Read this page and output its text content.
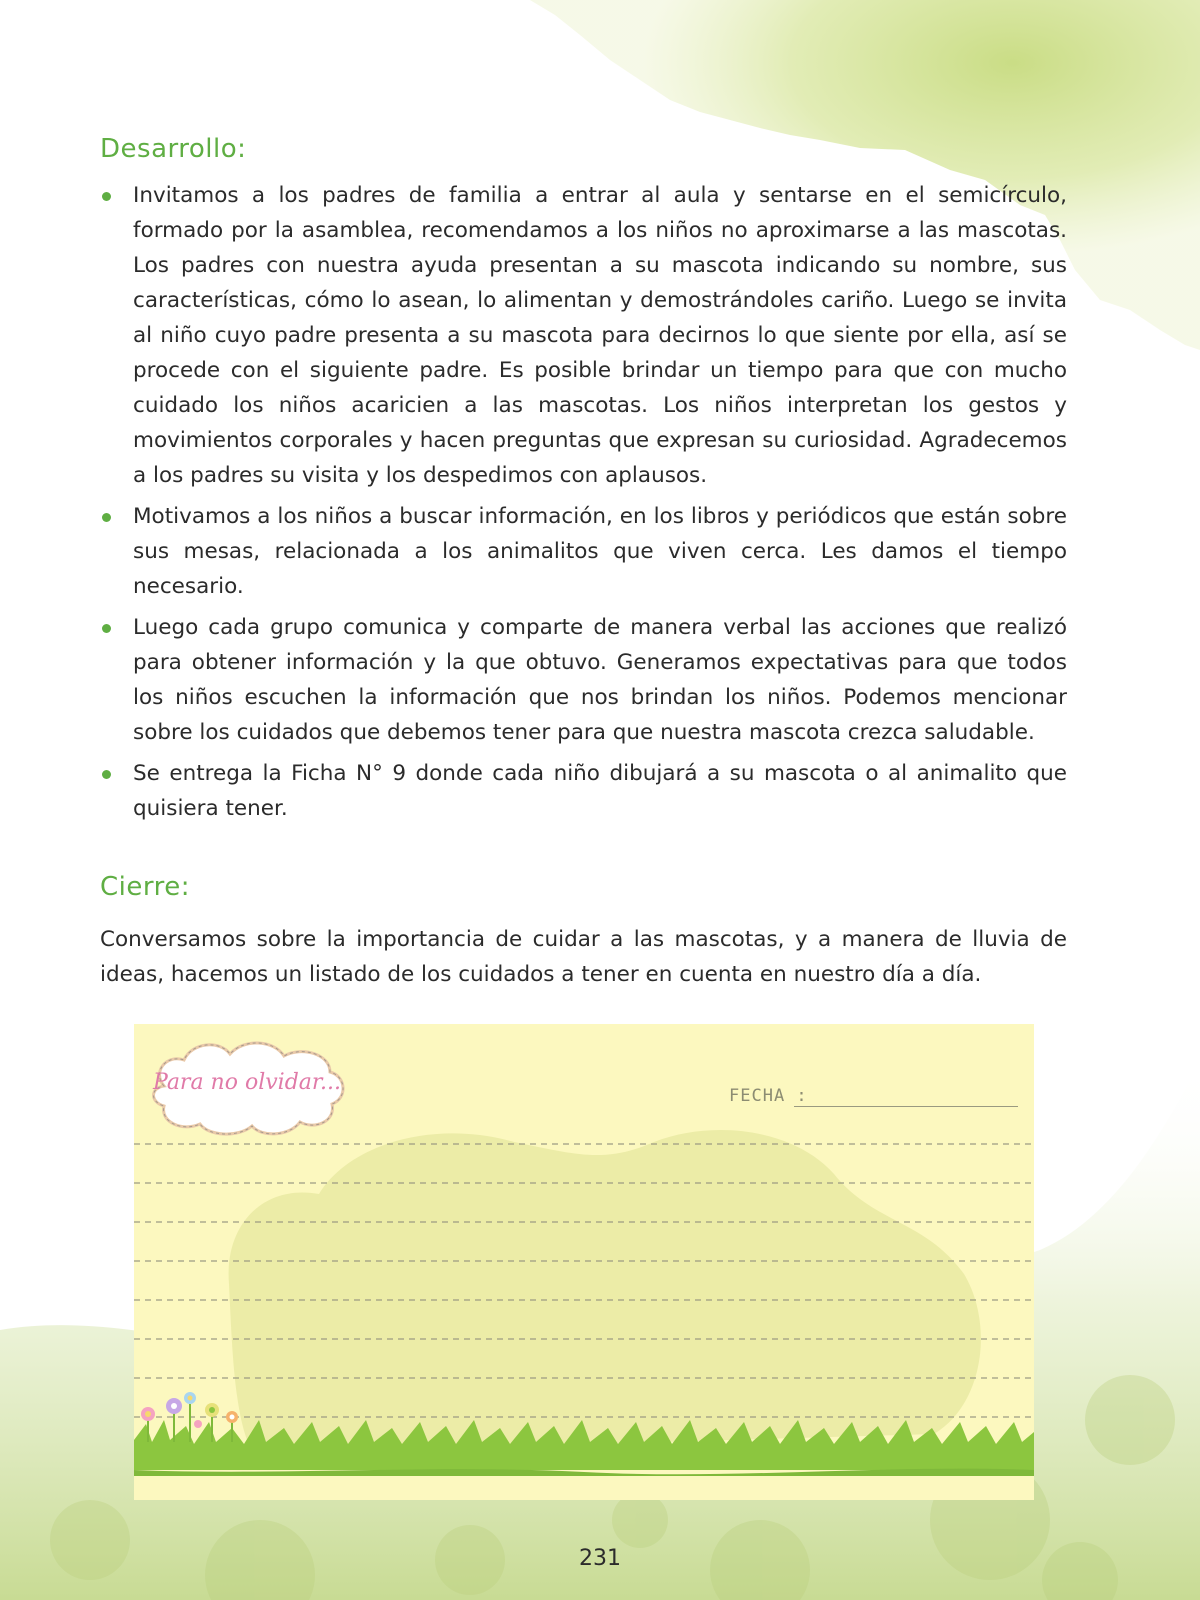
Desarrollo:
Invitamos a los padres de familia a entrar al aula y sentarse en el semicírculo, formado por la asamblea, recomendamos a los niños no aproximarse a las mascotas. Los padres con nuestra ayuda presentan a su mascota indicando su nombre, sus características, cómo lo asean, lo alimentan y demostrándoles cariño. Luego se invita al niño cuyo padre presenta a su mascota para decirnos lo que siente por ella, así se procede con el siguiente padre. Es posible brindar un tiempo para que con mucho cuidado los niños acaricien a las mascotas. Los niños interpretan los gestos y movimientos corporales y hacen preguntas que expresan su curiosidad. Agradecemos a los padres su visita y los despedimos con aplausos.
Motivamos a los niños a buscar información, en los libros y periódicos que están sobre sus mesas, relacionada a los animalitos que viven cerca. Les damos el tiempo necesario.
Luego cada grupo comunica y comparte de manera verbal las acciones que realizó para obtener información y la que obtuvo. Generamos expectativas para que todos los niños escuchen la información que nos brindan los niños. Podemos mencionar sobre los cuidados que debemos tener para que nuestra mascota crezca saludable.
Se entrega la Ficha N° 9 donde cada niño dibujará a su mascota o al animalito que quisiera tener.
Cierre:

Conversamos sobre la importancia de cuidar a las mascotas, y a manera de lluvia de ideas, hacemos un listado de los cuidados a tener en cuenta en nuestro día a día.

Para no olvidar...
FECHA :
231
